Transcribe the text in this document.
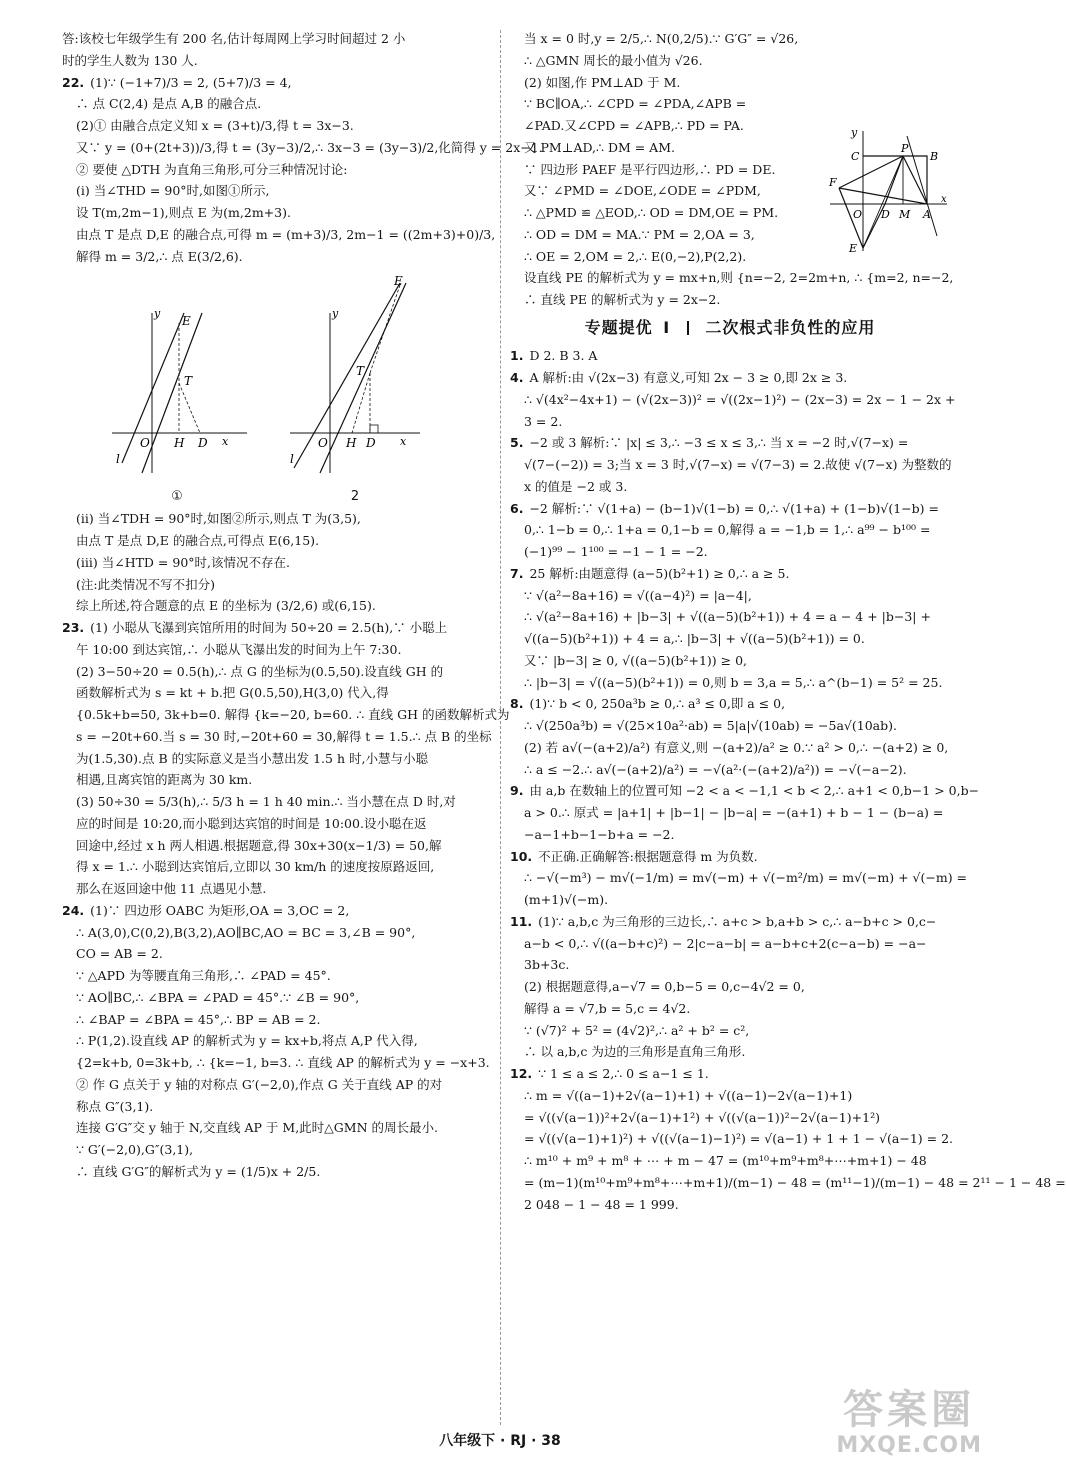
答:该校七年级学生有 200 名,估计每周网上学习时间超过 2 小

时的学生人数为 130 人.

22. (1)∵ (−1+7)/3 = 2, (5+7)/3 = 4,

∴ 点 C(2,4) 是点 A,B 的融合点.

(2)① 由融合点定义知 x = (3+t)/3,得 t = 3x−3.

又∵ y = (0+(2t+3))/3,得 t = (3y−3)/2,∴ 3x−3 = (3y−3)/2,化简得 y = 2x−1.

② 要使 △DTH 为直角三角形,可分三种情况讨论:

(ⅰ) 当∠THD = 90°时,如图①所示,

设 T(m,2m−1),则点 E 为(m,2m+3).

由点 T 是点 D,E 的融合点,可得 m = (m+3)/3, 2m−1 = ((2m+3)+0)/3,

解得 m = 3/2,∴ 点 E(3/2,6).

y
E
T
O H D x
l
①
y
E
T
O H D x
l
2

(ⅱ) 当∠TDH = 90°时,如图②所示,则点 T 为(3,5),

由点 T 是点 D,E 的融合点,可得点 E(6,15).

(ⅲ) 当∠HTD = 90°时,该情况不存在.

(注:此类情况不写不扣分)

综上所述,符合题意的点 E 的坐标为 (3/2,6) 或(6,15).

23. (1) 小聪从飞瀑到宾馆所用的时间为 50÷20 = 2.5(h),∵ 小聪上

午 10:00 到达宾馆,∴ 小聪从飞瀑出发的时间为上午 7:30.

(2) 3−50÷20 = 0.5(h),∴ 点 G 的坐标为(0.5,50).设直线 GH 的

函数解析式为 s = kt + b.把 G(0.5,50),H(3,0) 代入,得

{0.5k+b=50, 3k+b=0. 解得 {k=−20, b=60. ∴ 直线 GH 的函数解析式为

s = −20t+60.当 s = 30 时,−20t+60 = 30,解得 t = 1.5.∴ 点 B 的坐标

为(1.5,30).点 B 的实际意义是当小慧出发 1.5 h 时,小慧与小聪

相遇,且离宾馆的距离为 30 km.

(3) 50÷30 = 5/3(h),∴ 5/3 h = 1 h 40 min.∴ 当小慧在点 D 时,对

应的时间是 10:20,而小聪到达宾馆的时间是 10:00.设小聪在返

回途中,经过 x h 两人相遇.根据题意,得 30x+30(x−1/3) = 50,解

得 x = 1.∴ 小聪到达宾馆后,立即以 30 km/h 的速度按原路返回,

那么在返回途中他 11 点遇见小慧.

24. (1)∵ 四边形 OABC 为矩形,OA = 3,OC = 2,

∴ A(3,0),C(0,2),B(3,2),AO∥BC,AO = BC = 3,∠B = 90°,

CO = AB = 2.

∵ △APD 为等腰直角三角形,∴ ∠PAD = 45°.

∵ AO∥BC,∴ ∠BPA = ∠PAD = 45°.∵ ∠B = 90°,

∴ ∠BAP = ∠BPA = 45°,∴ BP = AB = 2.

∴ P(1,2).设直线 AP 的解析式为 y = kx+b,将点 A,P 代入得,

{2=k+b, 0=3k+b, ∴ {k=−1, b=3. ∴ 直线 AP 的解析式为 y = −x+3.

② 作 G 点关于 y 轴的对称点 G′(−2,0),作点 G 关于直线 AP 的对

称点 G″(3,1).

连接 G′G″交 y 轴于 N,交直线 AP 于 M,此时△GMN 的周长最小.

∵ G′(−2,0),G″(3,1),

∴ 直线 G′G″的解析式为 y = (1/5)x + 2/5.

当 x = 0 时,y = 2/5,∴ N(0,2/5).∵ G′G″ = √26,

∴ △GMN 周长的最小值为 √26.

(2) 如图,作 PM⊥AD 于 M.

∵ BC∥OA,∴ ∠CPD = ∠PDA,∠APB =

∠PAD.又∠CPD = ∠APB,∴ PD = PA.

又 PM⊥AD,∴ DM = AM.

∵ 四边形 PAEF 是平行四边形,∴ PD = DE.

又∵ ∠PMD = ∠DOE,∠ODE = ∠PDM,

∴ △PMD ≌ △EOD,∴ OD = DM,OE = PM.

∴ OD = DM = MA.∵ PM = 2,OA = 3,

∴ OE = 2,OM = 2,∴ E(0,−2),P(2,2).

设直线 PE 的解析式为 y = mx+n,则 {n=−2, 2=2m+n, ∴ {m=2, n=−2,

∴ 直线 PE 的解析式为 y = 2x−2.

y
C
P
B
F
O D M A
x
E
专题提优 Ⅰ 二次根式非负性的应用

1. D 2. B 3. A

4. A 解析:由 √(2x−3) 有意义,可知 2x − 3 ≥ 0,即 2x ≥ 3.

∴ √(4x²−4x+1) − (√(2x−3))² = √((2x−1)²) − (2x−3) = 2x − 1 − 2x +

3 = 2.

5. −2 或 3 解析:∵ |x| ≤ 3,∴ −3 ≤ x ≤ 3,∴ 当 x = −2 时,√(7−x) =

√(7−(−2)) = 3;当 x = 3 时,√(7−x) = √(7−3) = 2.故使 √(7−x) 为整数的

x 的值是 −2 或 3.

6. −2 解析:∵ √(1+a) − (b−1)√(1−b) = 0,∴ √(1+a) + (1−b)√(1−b) =

0,∴ 1−b = 0,∴ 1+a = 0,1−b = 0,解得 a = −1,b = 1,∴ a⁹⁹ − b¹⁰⁰ =

(−1)⁹⁹ − 1¹⁰⁰ = −1 − 1 = −2.

7. 25 解析:由题意得 (a−5)(b²+1) ≥ 0,∴ a ≥ 5.

∵ √(a²−8a+16) = √((a−4)²) = |a−4|,

∴ √(a²−8a+16) + |b−3| + √((a−5)(b²+1)) + 4 = a − 4 + |b−3| +

√((a−5)(b²+1)) + 4 = a,∴ |b−3| + √((a−5)(b²+1)) = 0.

又∵ |b−3| ≥ 0, √((a−5)(b²+1)) ≥ 0,

∴ |b−3| = √((a−5)(b²+1)) = 0,则 b = 3,a = 5,∴ a^(b−1) = 5² = 25.

8. (1)∵ b < 0, 250a³b ≥ 0,∴ a³ ≤ 0,即 a ≤ 0,

∴ √(250a³b) = √(25×10a²·ab) = 5|a|√(10ab) = −5a√(10ab).

(2) 若 a√(−(a+2)/a²) 有意义,则 −(a+2)/a² ≥ 0.∵ a² > 0,∴ −(a+2) ≥ 0,

∴ a ≤ −2.∴ a√(−(a+2)/a²) = −√(a²·(−(a+2)/a²)) = −√(−a−2).

9. 由 a,b 在数轴上的位置可知 −2 < a < −1,1 < b < 2,∴ a+1 < 0,b−1 > 0,b−

a > 0.∴ 原式 = |a+1| + |b−1| − |b−a| = −(a+1) + b − 1 − (b−a) =

−a−1+b−1−b+a = −2.

10. 不正确.正确解答:根据题意得 m 为负数.

∴ −√(−m³) − m√(−1/m) = m√(−m) + √(−m²/m) = m√(−m) + √(−m) =

(m+1)√(−m).

11. (1)∵ a,b,c 为三角形的三边长,∴ a+c > b,a+b > c,∴ a−b+c > 0,c−

a−b < 0,∴ √((a−b+c)²) − 2|c−a−b| = a−b+c+2(c−a−b) = −a−

3b+3c.

(2) 根据题意得,a−√7 = 0,b−5 = 0,c−4√2 = 0,

解得 a = √7,b = 5,c = 4√2.

∵ (√7)² + 5² = (4√2)²,∴ a² + b² = c²,

∴ 以 a,b,c 为边的三角形是直角三角形.

12. ∵ 1 ≤ a ≤ 2,∴ 0 ≤ a−1 ≤ 1.

∴ m = √((a−1)+2√(a−1)+1) + √((a−1)−2√(a−1)+1)

= √((√(a−1))²+2√(a−1)+1²) + √((√(a−1))²−2√(a−1)+1²)

= √((√(a−1)+1)²) + √((√(a−1)−1)²) = √(a−1) + 1 + 1 − √(a−1) = 2.

∴ m¹⁰ + m⁹ + m⁸ + ⋯ + m − 47 = (m¹⁰+m⁹+m⁸+⋯+m+1) − 48

= (m−1)(m¹⁰+m⁹+m⁸+⋯+m+1)/(m−1) − 48 = (m¹¹−1)/(m−1) − 48 = 2¹¹ − 1 − 48 =

2 048 − 1 − 48 = 1 999.

八年级下 · RJ · 38
答案圈
MXQE.COM
